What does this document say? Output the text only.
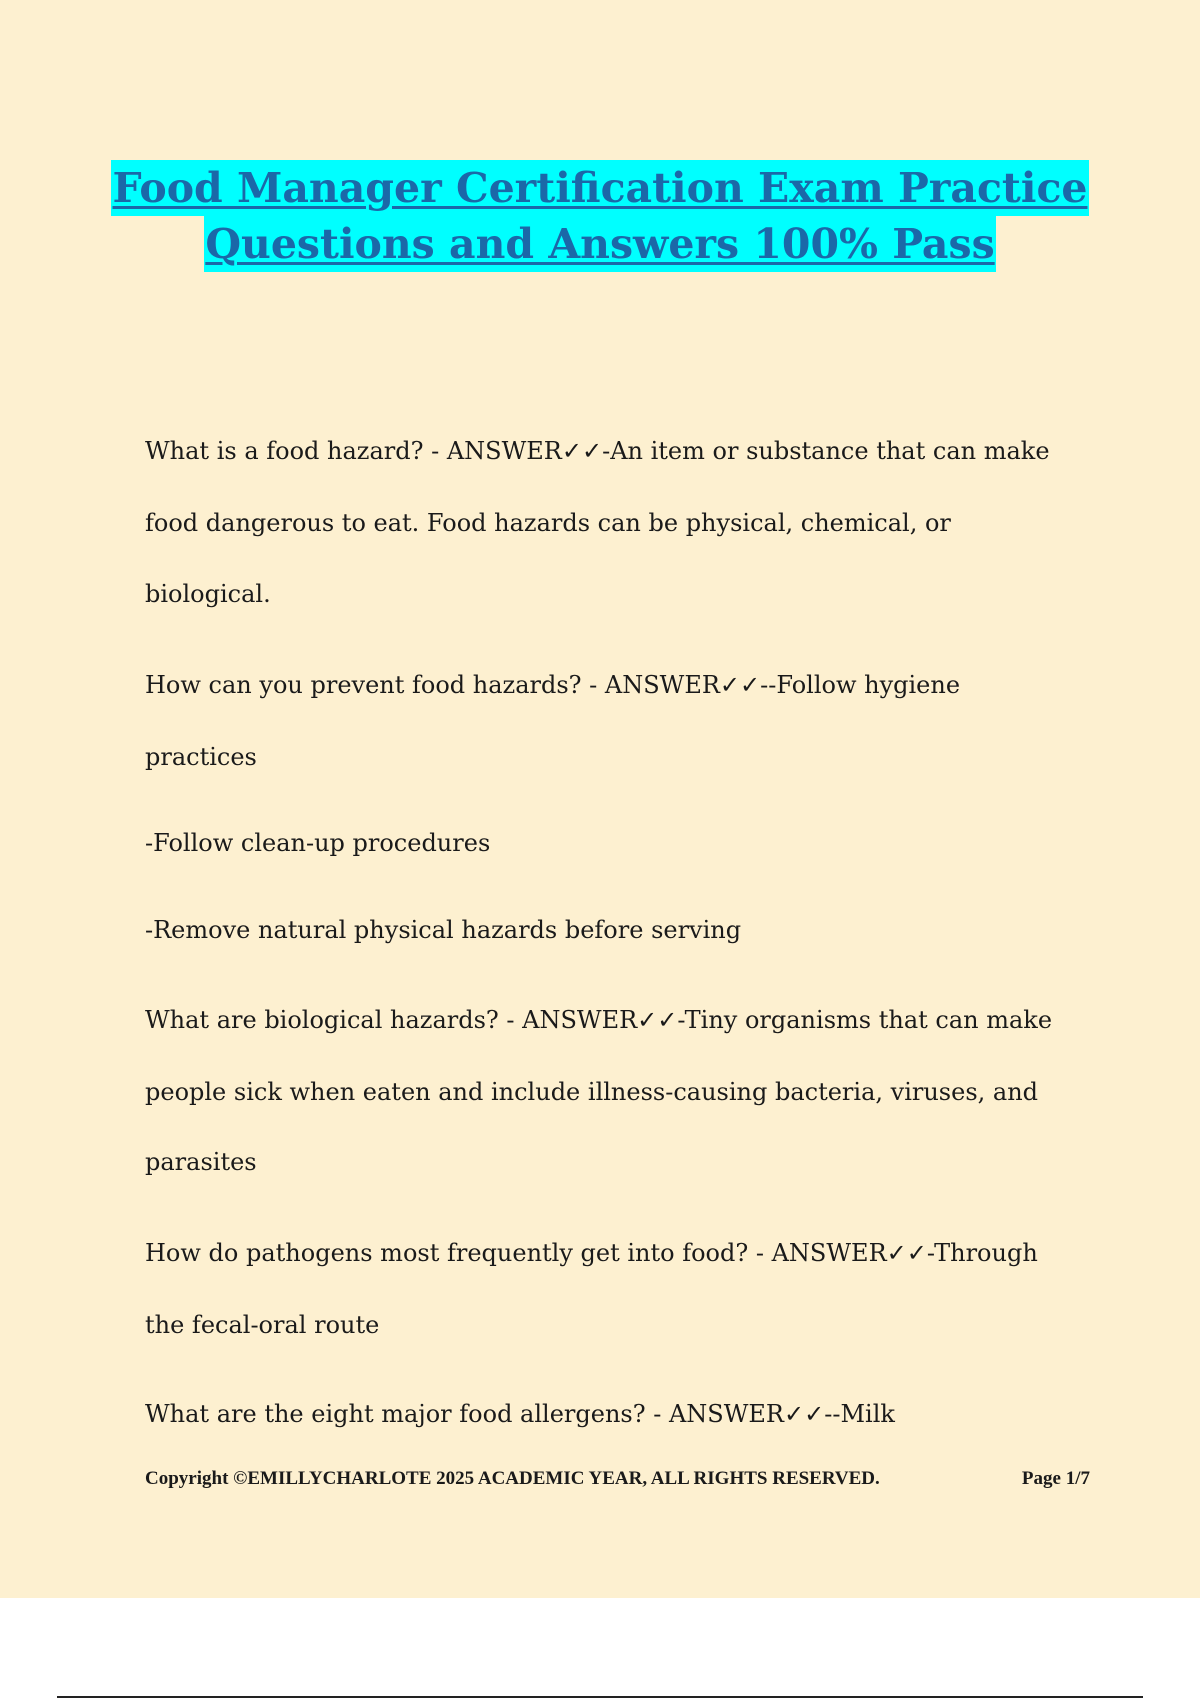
Food Manager Certification Exam Practice
Questions and Answers 100% Pass
What is a food hazard? - ANSWER✓✓-An item or substance that can make
food dangerous to eat. Food hazards can be physical, chemical, or
biological.
How can you prevent food hazards? - ANSWER✓✓--Follow hygiene
practices
-Follow clean-up procedures
-Remove natural physical hazards before serving
What are biological hazards? - ANSWER✓✓-Tiny organisms that can make
people sick when eaten and include illness-causing bacteria, viruses, and
parasites
How do pathogens most frequently get into food? - ANSWER✓✓-Through
the fecal-oral route
What are the eight major food allergens? - ANSWER✓✓--Milk
Copyright ©EMILLYCHARLOTE 2025 ACADEMIC YEAR, ALL RIGHTS RESERVED.	Page 1/7
